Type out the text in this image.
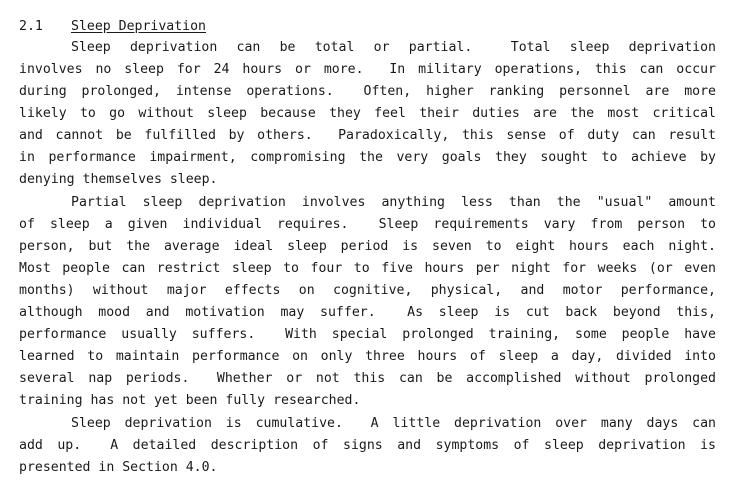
2.1 Sleep Deprivation
Sleep deprivation can be total or partial.  Total sleep deprivation
involves no sleep for 24 hours or more.  In military operations, this can occur
during prolonged, intense operations.  Often, higher ranking personnel are more
likely to go without sleep because they feel their duties are the most critical
and cannot be fulfilled by others.  Paradoxically, this sense of duty can result
in performance impairment, compromising the very goals they sought to achieve by
denying themselves sleep.
Partial sleep deprivation involves anything less than the "usual" amount
of sleep a given individual requires.  Sleep requirements vary from person to
person, but the average ideal sleep period is seven to eight hours each night.
Most people can restrict sleep to four to five hours per night for weeks (or even
months) without major effects on cognitive, physical, and motor performance,
although mood and motivation may suffer.  As sleep is cut back beyond this,
performance usually suffers.  With special prolonged training, some people have
learned to maintain performance on only three hours of sleep a day, divided into
several nap periods.  Whether or not this can be accomplished without prolonged
training has not yet been fully researched.
Sleep deprivation is cumulative.  A little deprivation over many days can
add up.  A detailed description of signs and symptoms of sleep deprivation is
presented in Section 4.0.
